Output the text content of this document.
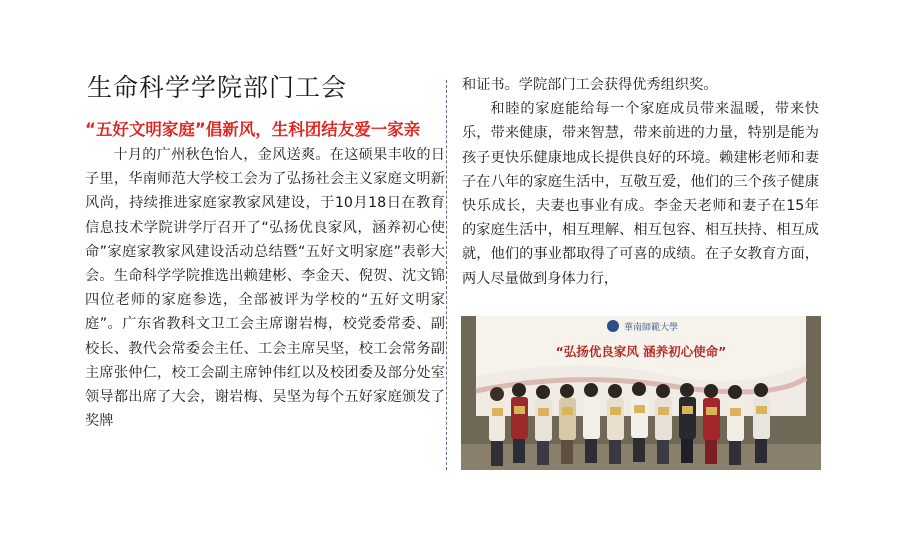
生命科学学院部门工会
“五好文明家庭”倡新风，生科团结友爱一家亲

十月的广州秋色怡人，金风送爽。在这硕果丰收的日子里，华南师范大学校工会为了弘扬社会主义家庭文明新风尚，持续推进家庭家教家风建设，于10月18日在教育信息技术学院讲学厅召开了“弘扬优良家风，涵养初心使命”家庭家教家风建设活动总结暨“五好文明家庭”表彰大会。生命科学学院推选出赖建彬、李金天、倪贺、沈文锦四位老师的家庭参选，全部被评为学校的“五好文明家庭”。广东省教科文卫工会主席谢岩梅，校党委常委、副校长、教代会常委会主任、工会主席吴坚，校工会常务副主席张仲仁，校工会副主席钟伟红以及校团委及部分处室领导都出席了大会，谢岩梅、吴坚为每个五好家庭颁发了奖牌

和证书。学院部门工会获得优秀组织奖。

和睦的家庭能给每一个家庭成员带来温暖，带来快乐，带来健康，带来智慧，带来前进的力量，特别是能为孩子更快乐健康地成长提供良好的环境。赖建彬老师和妻子在八年的家庭生活中，互敬互爱，他们的三个孩子健康快乐成长，夫妻也事业有成。李金天老师和妻子在15年的家庭生活中，相互理解、相互包容、相互扶持、相互成就，他们的事业都取得了可喜的成绩。在子女教育方面，两人尽量做到身体力行，

華南師範大學
“弘扬优良家风 涵养初心使命”
